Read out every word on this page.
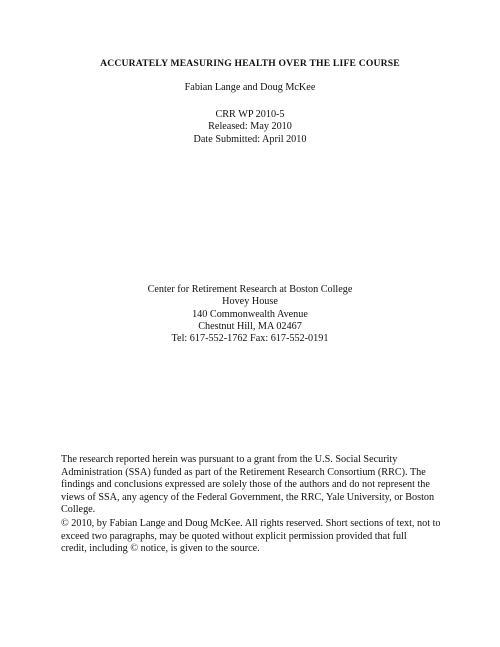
ACCURATELY MEASURING HEALTH OVER THE LIFE COURSE
Fabian Lange and Doug McKee
CRR WP 2010-5
Released: May 2010
Date Submitted: April 2010
Center for Retirement Research at Boston College
Hovey House
140 Commonwealth Avenue
Chestnut Hill, MA 02467
Tel: 617-552-1762 Fax: 617-552-0191
The research reported herein was pursuant to a grant from the U.S. Social Security
Administration (SSA) funded as part of the Retirement Research Consortium (RRC). The
findings and conclusions expressed are solely those of the authors and do not represent the
views of SSA, any agency of the Federal Government, the RRC, Yale University, or Boston
College.
© 2010, by Fabian Lange and Doug McKee. All rights reserved. Short sections of text, not to
exceed two paragraphs, may be quoted without explicit permission provided that full
credit, including © notice, is given to the source.
